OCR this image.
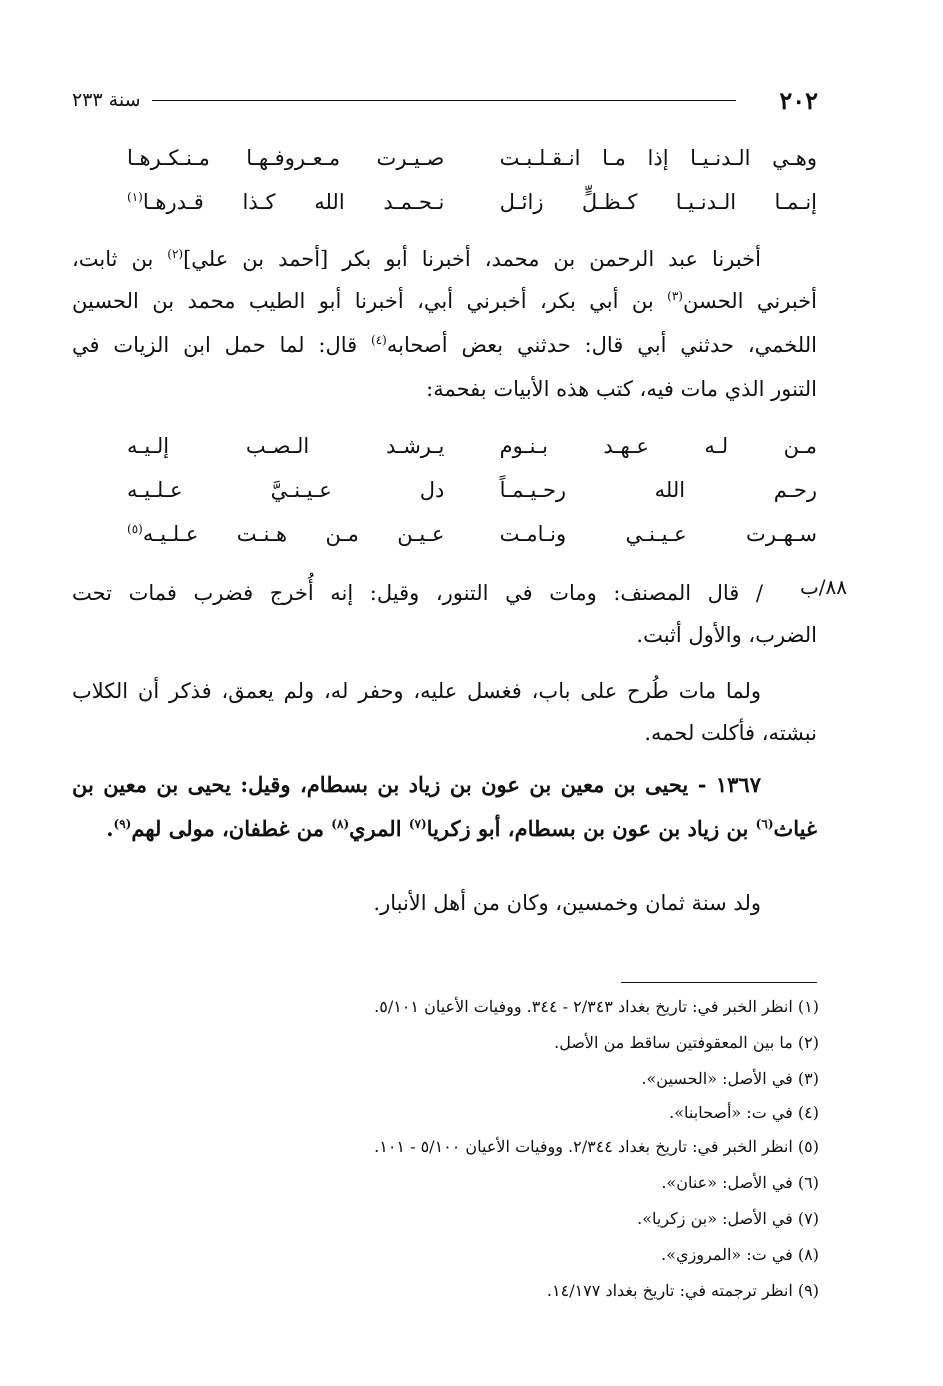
٢٠٢
سنة ٢٣٣
وهـي الـدنـيـا إذا مـا انـقـلـبـت
صـيـرت مـعـروفـهـا مـنـكـرهـا
إنـمـا الـدنـيـا كـظـلٍّ زائـل
نـحـمـد الله كـذا قـدرهـا$^{(١)}$
أخبرنا عبد الرحمن بن محمد، أخبرنا أبو بكر [أحمد بن علي]$^{(٢)}$ بن ثابت،
أخبرني الحسن$^{(٣)}$ بن أبي بكر، أخبرني أبي، أخبرنا أبو الطيب محمد بن الحسين
اللخمي، حدثني أبي قال: حدثني بعض أصحابه$^{(٤)}$ قال: لما حمل ابن الزيات في
التنور الذي مات فيه، كتب هذه الأبيات بفحمة:
مـن لـه عـهـد بـنـوم
يـرشـد الـصـب إلـيـه
رحـم الله رحـيـمـاً
دل عـيـنـيَّ عـلـيـه
سـهـرت عـيـنـي ونـامـت
عـيـن مـن هـنـت عـلـيـه$^{(٥)}$
٨٨/ب
/ قال المصنف: ومات في التنور، وقيل: إنه أُخرج فضرب فمات تحت
الضرب، والأول أثبت.
ولما مات طُرح على باب، فغسل عليه، وحفر له، ولم يعمق، فذكر أن الكلاب
نبشته، فأكلت لحمه.
١٣٦٧ - يحيى بن معين بن عون بن زياد بن بسطام، وقيل: يحيى بن معين بن
غياث$^{(٦)}$ بن زياد بن عون بن بسطام، أبو زكريا$^{(٧)}$ المري$^{(٨)}$ من غطفان، مولى لهم$^{(٩)}$.
ولد سنة ثمان وخمسين، وكان من أهل الأنبار.
(١) انظر الخبر في: تاريخ بغداد ٢/٣٤٣ - ٣٤٤. ووفيات الأعيان ٥/١٠١.
(٢) ما بين المعقوفتين ساقط من الأصل.
(٣) في الأصل: «الحسين».
(٤) في ت: «أصحابنا».
(٥) انظر الخبر في: تاريخ بغداد ٢/٣٤٤. ووفيات الأعيان ٥/١٠٠ - ١٠١.
(٦) في الأصل: «عنان».
(٧) في الأصل: «بن زكريا».
(٨) في ت: «المروزي».
(٩) انظر ترجمته في: تاريخ بغداد ١٤/١٧٧.
